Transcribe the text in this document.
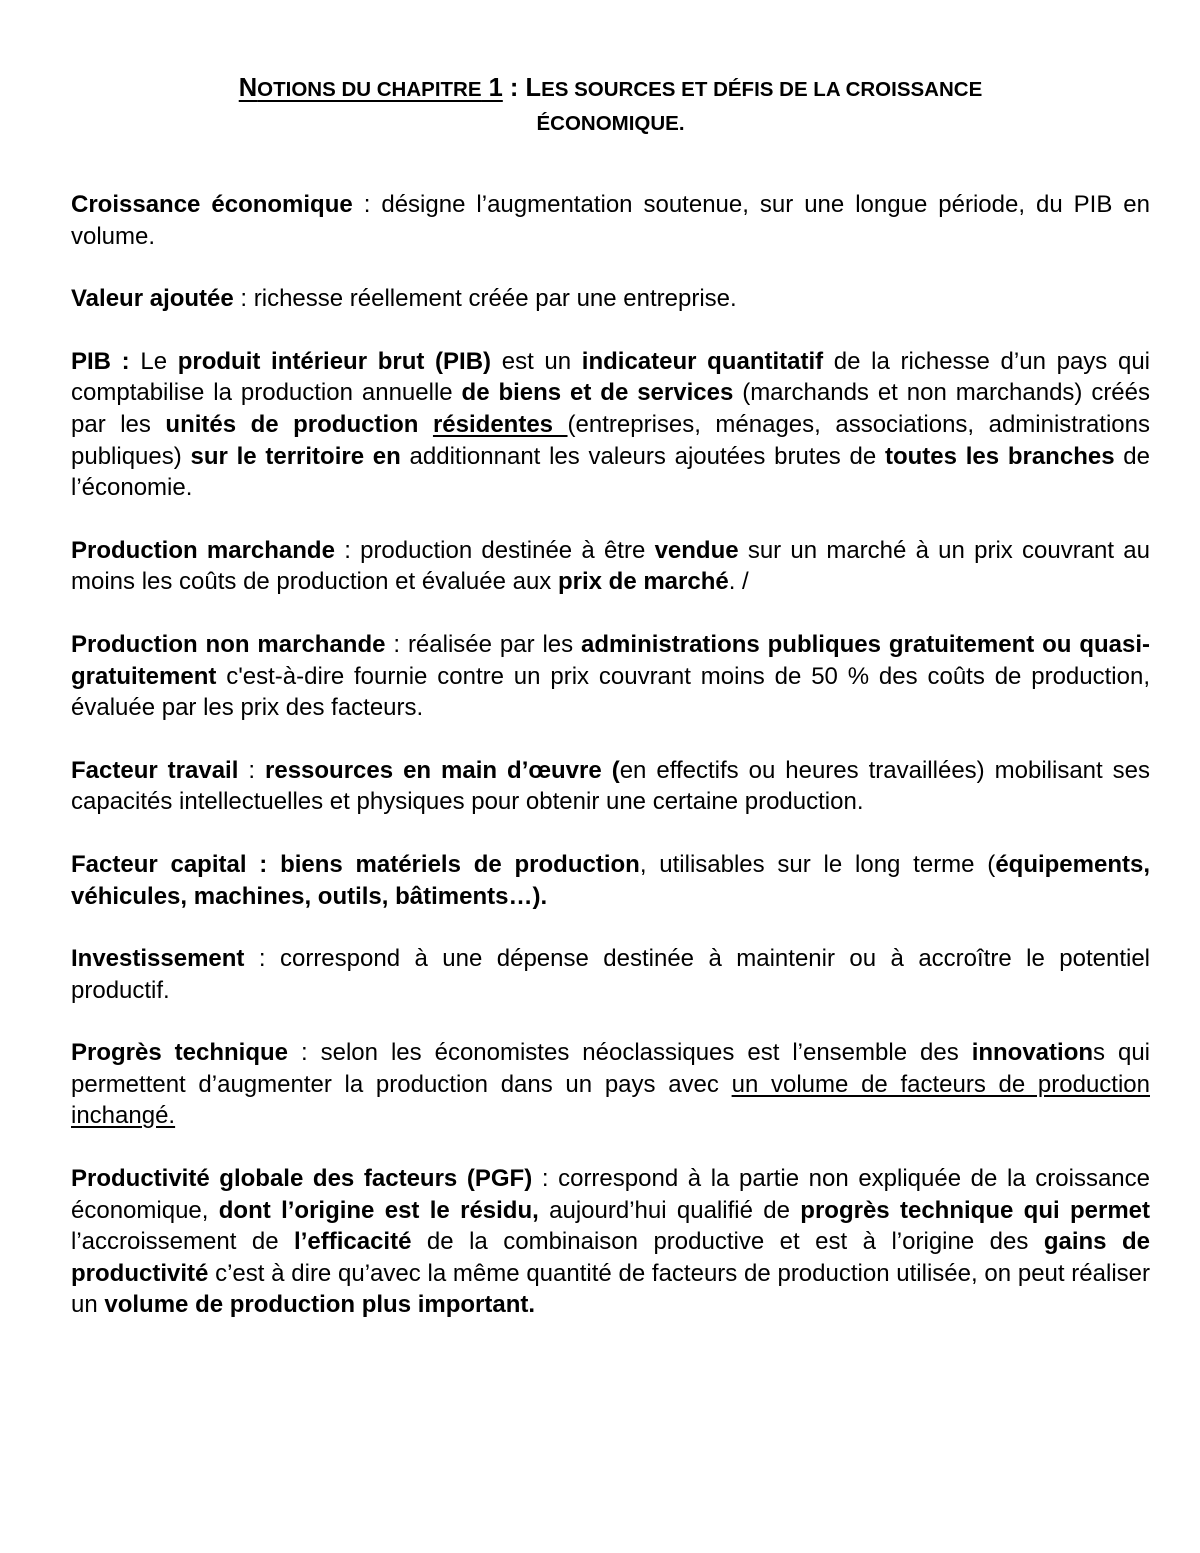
NOTIONS DU CHAPITRE 1 : LES SOURCES ET DÉFIS DE LA CROISSANCE
ÉCONOMIQUE.

Croissance économique : désigne l’augmentation soutenue, sur une longue période, du PIB en volume.

Valeur ajoutée : richesse réellement créée par une entreprise.

PIB : Le produit intérieur brut (PIB) est un indicateur quantitatif de la richesse d’un pays qui comptabilise la production annuelle de biens et de services (marchands et non marchands) créés par les unités de production résidentes (entreprises, ménages, associations, administrations publiques) sur le territoire en additionnant les valeurs ajoutées brutes de toutes les branches de l’économie.

Production marchande : production destinée à être vendue sur un marché à un prix couvrant au moins les coûts de production et évaluée aux prix de marché. /

Production non marchande : réalisée par les administrations publiques gratuitement ou quasi-gratuitement c'est-à-dire fournie contre un prix couvrant moins de 50 % des coûts de production, évaluée par les prix des facteurs.

Facteur travail : ressources en main d’œuvre (en effectifs ou heures travaillées) mobilisant ses capacités intellectuelles et physiques pour obtenir une certaine production.

Facteur capital : biens matériels de production, utilisables sur le long terme (équipements, véhicules, machines, outils, bâtiments…).

Investissement : correspond à une dépense destinée à maintenir ou à accroître le potentiel productif.

Progrès technique : selon les économistes néoclassiques est l’ensemble des innovations qui permettent d’augmenter la production dans un pays avec un volume de facteurs de production inchangé.

Productivité globale des facteurs (PGF) : correspond à la partie non expliquée de la croissance économique, dont l’origine est le résidu, aujourd’hui qualifié de progrès technique qui permet l’accroissement de l’efficacité de la combinaison productive et est à l’origine des gains de productivité c’est à dire qu’avec la même quantité de facteurs de production utilisée, on peut réaliser un volume de production plus important.
